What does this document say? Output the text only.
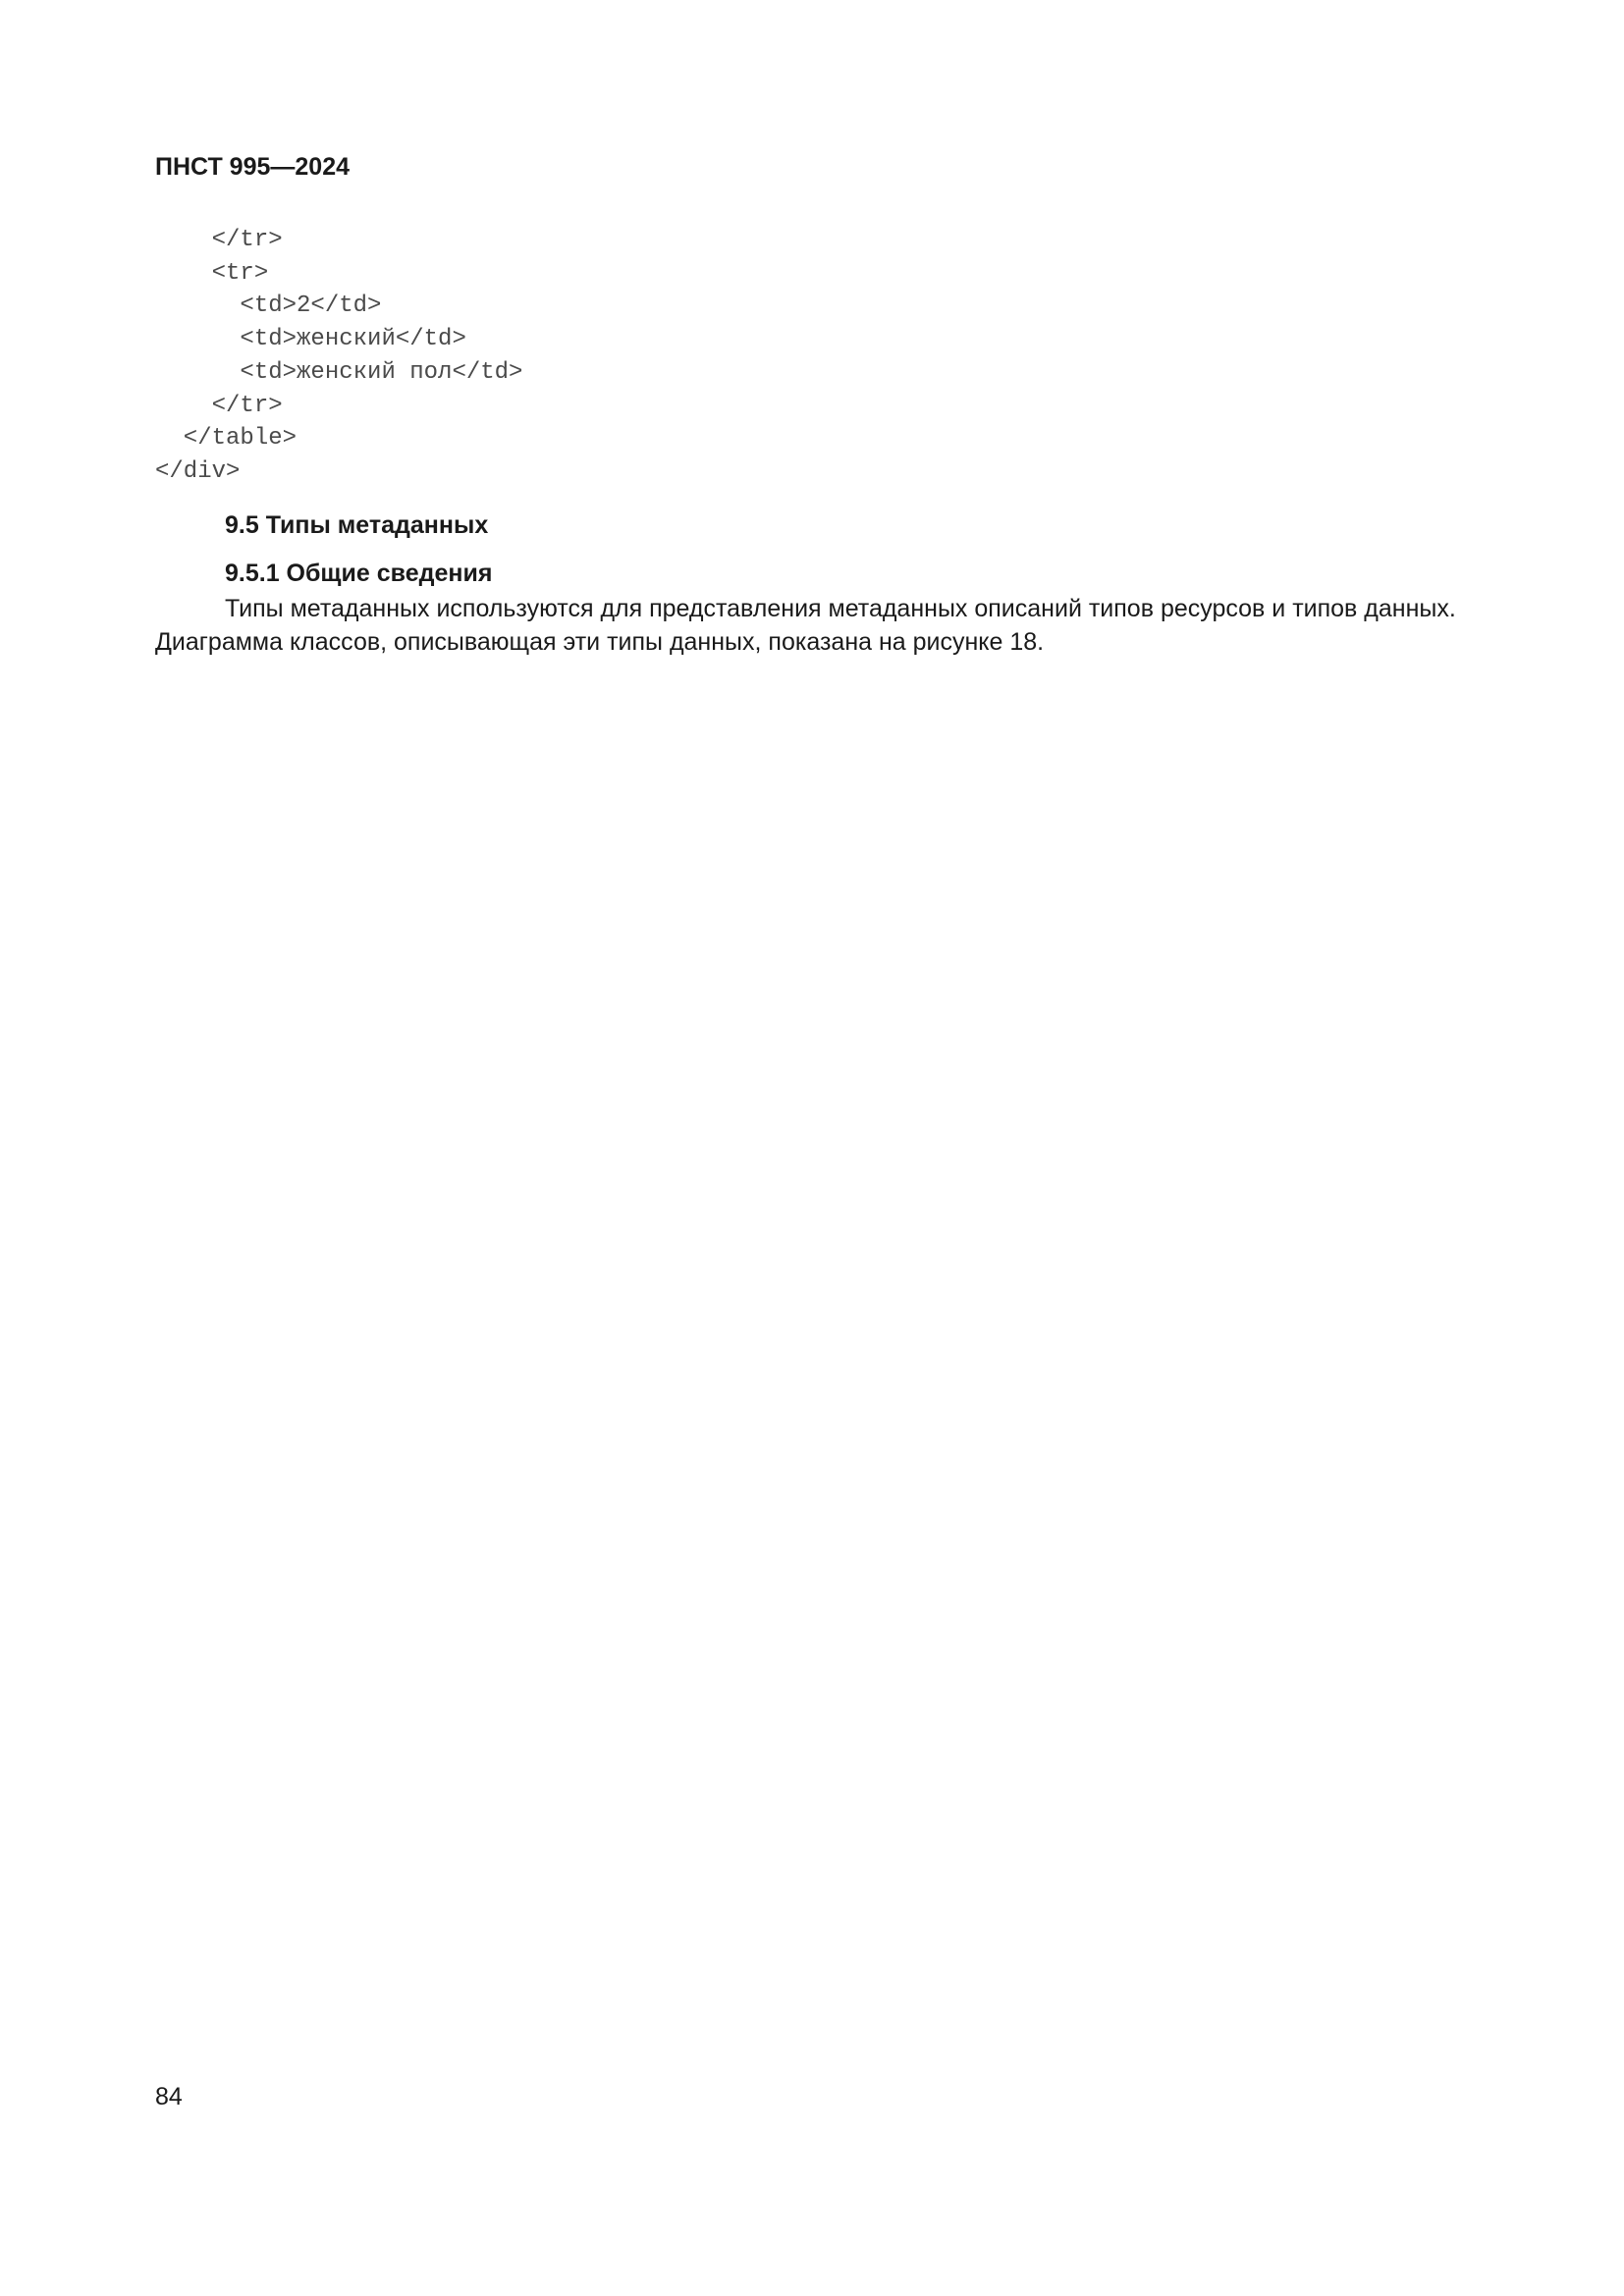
ПНСТ 995—2024
</tr>
<tr>
<td>2</td>
<td>женский</td>
<td>женский пол</td>
</tr>
</table>
</div>
9.5 Типы метаданных
9.5.1 Общие сведения

Типы метаданных используются для представления метаданных описаний типов ресурсов и типов данных. Диаграмма классов, описывающая эти типы данных, показана на рисунке 18.

84
